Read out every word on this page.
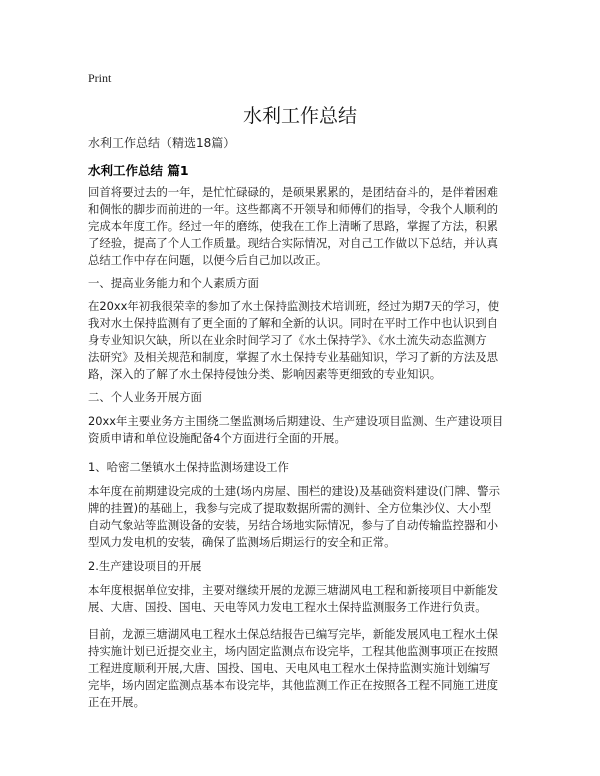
Print
水利工作总结
水利工作总结（精选18篇）
水利工作总结 篇1

回首将要过去的一年，是忙忙碌碌的，是硕果累累的，是团结奋斗的，是伴着困难
和倜怅的脚步而前进的一年。这些都离不开领导和师傅们的指导，令我个人顺利的
完成本年度工作。经过一年的磨练，使我在工作上清晰了思路，掌握了方法，积累
了经验，提高了个人工作质量。现结合实际情况，对自己工作做以下总结，并认真
总结工作中存在问题，以便今后自己加以改正。

一、提高业务能力和个人素质方面

在20xx年初我很荣幸的参加了水土保持监测技术培训班，经过为期7天的学习，使
我对水土保持监测有了更全面的了解和全新的认识。同时在平时工作中也认识到自
身专业知识欠缺，所以在业余时间学习了《水土保持学》、《水土流失动态监测方
法研究》及相关规范和制度，掌握了水土保持专业基础知识，学习了新的方法及思
路，深入的了解了水土保持侵蚀分类、影响因素等更细致的专业知识。

二、个人业务开展方面

20xx年主要业务方主围绕二堡监测场后期建设、生产建设项目监测、生产建设项目
资质申请和单位设施配备4个方面进行全面的开展。

1、哈密二堡镇水土保持监测场建设工作

本年度在前期建设完成的土建(场内房屋、围栏的建设)及基础资料建设(门牌、警示
牌的挂置)的基础上，我参与完成了提取数据所需的测针、全方位集沙仪、大小型
自动气象站等监测设备的安装，另结合场地实际情况，参与了自动传输监控器和小
型风力发电机的安装，确保了监测场后期运行的安全和正常。

2.生产建设项目的开展

本年度根据单位安排，主要对继续开展的龙源三塘湖风电工程和新接项目中新能发
展、大唐、国投、国电、天电等风力发电工程水土保持监测服务工作进行负责。

目前，龙源三塘湖风电工程水土保总结报告已编写完毕，新能发展风电工程水土保
持实施计划已近提交业主，场内固定监测点布设完毕，工程其他监测事项正在按照
工程进度顺利开展,大唐、国投、国电、天电风电工程水土保持监测实施计划编写
完毕，场内固定监测点基本布设完毕，其他监测工作正在按照各工程不同施工进度
正在开展。
